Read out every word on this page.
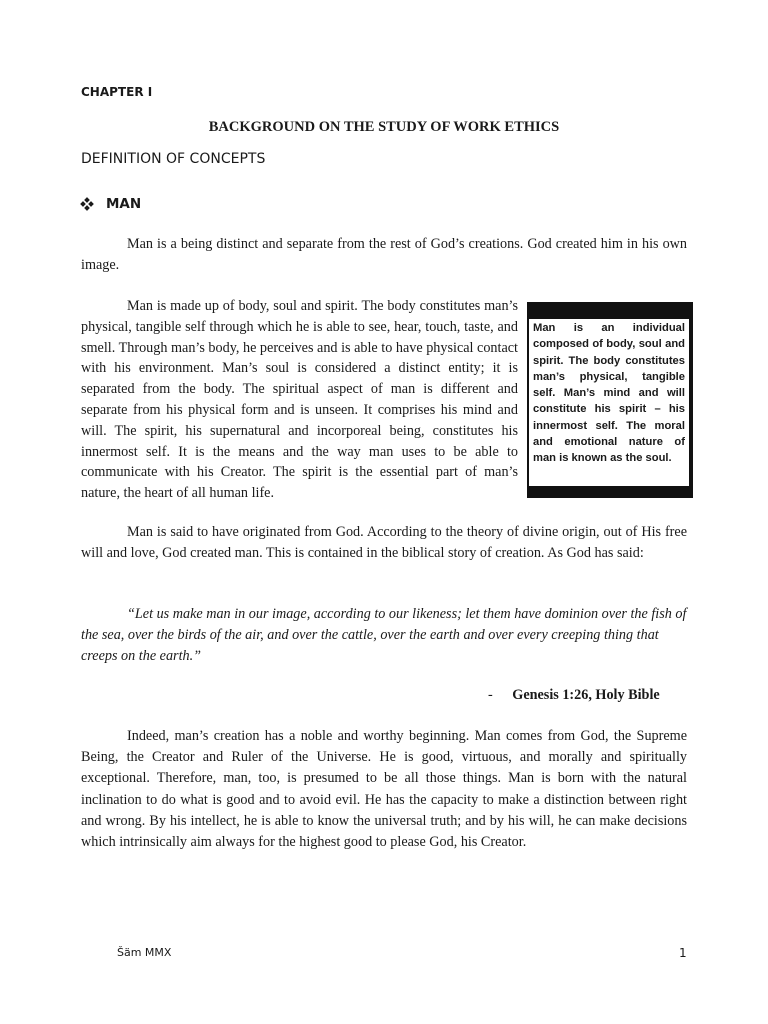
CHAPTER I
BACKGROUND ON THE STUDY OF WORK ETHICS
DEFINITION OF CONCEPTS
MAN

Man is a being distinct and separate from the rest of God’s creations. God created him in his own image.

Man is made up of body, soul and spirit. The body constitutes man’s physical, tangible self through which he is able to see, hear, touch, taste, and smell. Through man’s body, he perceives and is able to have physical contact with his environment. Man’s soul is considered a distinct entity; it is separated from the body. The spiritual aspect of man is different and separate from his physical form and is unseen. It comprises his mind and will. The spirit, his supernatural and incorporeal being, constitutes his innermost self. It is the means and the way man uses to be able to communicate with his Creator. The spirit is the essential part of man’s nature, the heart of all human life.

Man is an individual composed of body, soul and spirit. The body constitutes man’s physical, tangible self. Man’s mind and will constitute his spirit – his innermost self. The moral and emotional nature of man is known as the soul.

Man is said to have originated from God. According to the theory of divine origin, out of His free will and love, God created man. This is contained in the biblical story of creation. As God has said:

“Let us make man in our image, according to our likeness; let them have dominion over the fish of the sea, over the birds of the air, and over the cattle, over the earth and over every creeping thing that creeps on the earth.”

- Genesis 1:26, Holy Bible

Indeed, man’s creation has a noble and worthy beginning. Man comes from God, the Supreme Being, the Creator and Ruler of the Universe. He is good, virtuous, and morally and spiritually exceptional. Therefore, man, too, is presumed to be all those things. Man is born with the natural inclination to do what is good and to avoid evil. He has the capacity to make a distinction between right and wrong. By his intellect, he is able to know the universal truth; and by his will, he can make decisions which intrinsically aim always for the highest good to please God, his Creator.

Šäm MMX	1
